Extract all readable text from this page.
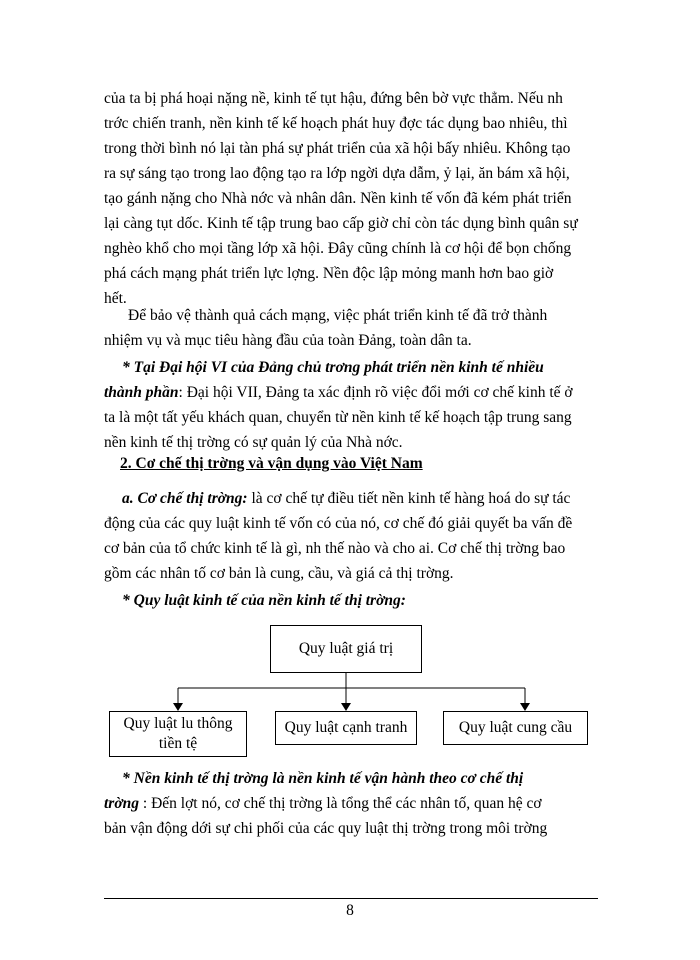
của ta bị phá hoại nặng nề, kinh tế tụt hậu, đứng bên bờ vực thẳm. Nếu nh
trớc chiến tranh, nền kinh tế kế hoạch phát huy đợc tác dụng bao nhiêu, thì
trong thời bình nó lại tàn phá sự phát triển của xã hội bấy nhiêu. Không tạo
ra sự sáng tạo trong lao động tạo ra lớp ngời dựa dẫm, ỷ lại, ăn bám xã hội,
tạo gánh nặng cho Nhà nớc và nhân dân. Nền kinh tế vốn đã kém phát triển
lại càng tụt dốc. Kinh tế tập trung bao cấp giờ chỉ còn tác dụng bình quân sự
nghèo khổ cho mọi tầng lớp xã hội. Đây cũng chính là cơ hội để bọn chống
phá cách mạng phát triển lực lợng. Nền độc lập mỏng manh hơn bao giờ
hết.
Để bảo vệ thành quả cách mạng, việc phát triển kinh tế đã trở thành
nhiệm vụ và mục tiêu hàng đầu của toàn Đảng, toàn dân ta.
* Tại Đại hội VI của Đảng chủ trơng phát triển nền kinh tế nhiều
thành phần: Đại hội VII, Đảng ta xác định rõ việc đổi mới cơ chế kinh tế ở
ta là một tất yếu khách quan, chuyển từ nền kinh tế kế hoạch tập trung sang
nền kinh tế thị trờng có sự quản lý của Nhà nớc.
2. Cơ chế thị trờng và vận dụng vào Việt Nam
a. Cơ chế thị trờng: là cơ chế tự điều tiết nền kinh tế hàng hoá do sự tác
động của các quy luật kinh tế vốn có của nó, cơ chế đó giải quyết ba vấn đề
cơ bản của tổ chức kinh tế là gì, nh thế nào và cho ai. Cơ chế thị trờng bao
gồm các nhân tố cơ bản là cung, cầu, và giá cả thị trờng.
* Quy luật kinh tế của nền kinh tế thị trờng:
Quy luật giá trị
Quy luật lu thông
tiền tệ
Quy luật cạnh tranh	Quy luật cung cầu
* Nền kinh tế thị trờng là nền kinh tế vận hành theo cơ chế thị
trờng : Đến lợt nó, cơ chế thị trờng là tổng thể các nhân tố, quan hệ cơ
bản vận động dới sự chi phối của các quy luật thị trờng trong môi trờng
8
